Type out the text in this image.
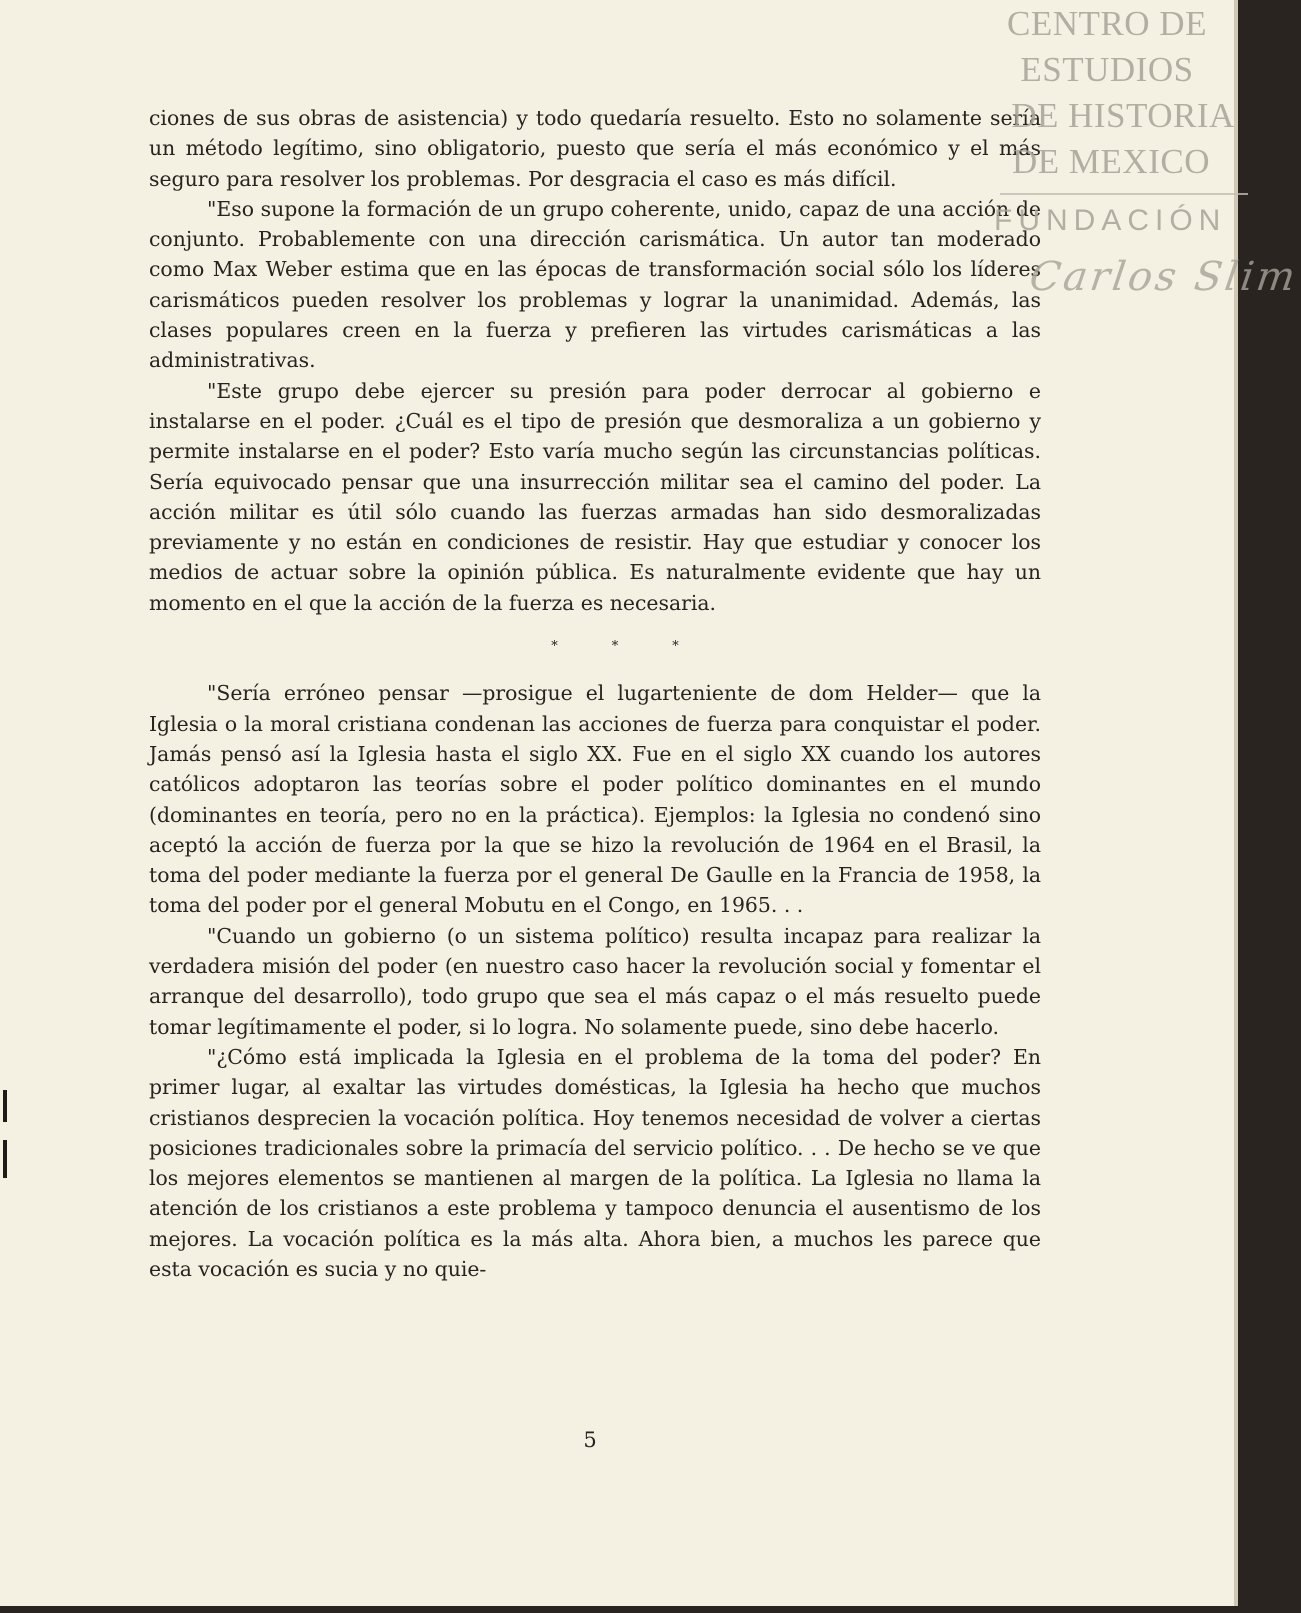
ciones de sus obras de asistencia) y todo quedaría resuelto. Esto no solamente sería un método legítimo, sino obligatorio, puesto que sería el más económico y el más seguro para resolver los problemas. Por desgracia el caso es más difícil.

"Eso supone la formación de un grupo coherente, unido, capaz de una acción de conjunto. Probablemente con una dirección carismática. Un autor tan moderado como Max Weber estima que en las épocas de transformación social sólo los líderes carismáticos pueden resolver los problemas y lograr la unanimidad. Además, las clases populares creen en la fuerza y prefieren las virtudes carismáticas a las administrativas.

"Este grupo debe ejercer su presión para poder derrocar al gobierno e instalarse en el poder. ¿Cuál es el tipo de presión que desmoraliza a un gobierno y permite instalarse en el poder? Esto varía mucho según las circunstancias políticas. Sería equivocado pensar que una insurrección militar sea el camino del poder. La acción militar es útil sólo cuando las fuerzas armadas han sido desmoralizadas previamente y no están en condiciones de resistir. Hay que estudiar y conocer los medios de actuar sobre la opinión pública. Es naturalmente evidente que hay un momento en el que la acción de la fuerza es necesaria.

*	*	*

"Sería erróneo pensar —prosigue el lugarteniente de dom Helder— que la Iglesia o la moral cristiana condenan las acciones de fuerza para conquistar el poder. Jamás pensó así la Iglesia hasta el siglo XX. Fue en el siglo XX cuando los autores católicos adoptaron las teorías sobre el poder político dominantes en el mundo (dominantes en teoría, pero no en la práctica). Ejemplos: la Iglesia no condenó sino aceptó la acción de fuerza por la que se hizo la revolución de 1964 en el Brasil, la toma del poder mediante la fuerza por el general De Gaulle en la Francia de 1958, la toma del poder por el general Mobutu en el Congo, en 1965. . .

"Cuando un gobierno (o un sistema político) resulta incapaz para realizar la verdadera misión del poder (en nuestro caso hacer la revolución social y fomentar el arranque del desarrollo), todo grupo que sea el más capaz o el más resuelto puede tomar legítimamente el poder, si lo logra. No solamente puede, sino debe hacerlo.

"¿Cómo está implicada la Iglesia en el problema de la toma del poder? En primer lugar, al exaltar las virtudes domésticas, la Iglesia ha hecho que muchos cristianos desprecien la vocación política. Hoy tenemos necesidad de volver a ciertas posiciones tradicionales sobre la primacía del servicio político. . . De hecho se ve que los mejores elementos se mantienen al margen de la política. La Iglesia no llama la atención de los cristianos a este problema y tampoco denuncia el ausentismo de los mejores. La vocación política es la más alta. Ahora bien, a muchos les parece que esta vocación es sucia y no quie-

5
CENTRO DE
ESTUDIOS
DE HISTORIA
DE MEXICO
FUNDACIÓN
Carlos Slim
